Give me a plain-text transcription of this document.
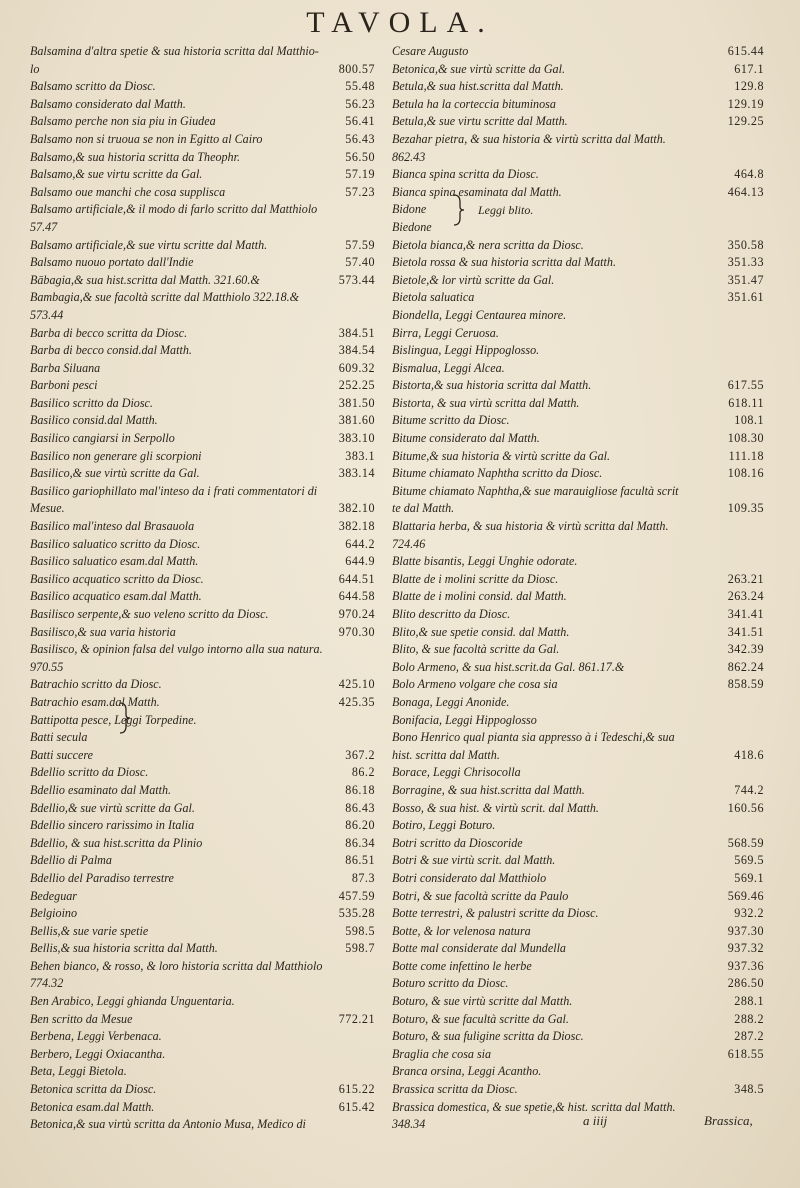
TAVOLA.
Balsamina d'altra spetie & sua historia scritta dal Matthio-
lo	800.57
Balsamo scritto da Diosc.	55.48
Balsamo considerato dal Matth.	56.23
Balsamo perche non sia piu in Giudea	56.41
Balsamo non si truoua se non in Egitto al Cairo	56.43
Balsamo,& sua historia scritta da Theophr.	56.50
Balsamo,& sue virtu scritte da Gal.	57.19
Balsamo oue manchi che cosa supplisca	57.23
Balsamo artificiale,& il modo di farlo scritto dal Matthiolo
57.47
Balsamo artificiale,& sue virtu scritte dal Matth.	57.59
Balsamo nuouo portato dall'Indie	57.40
Bābagia,& sua hist.scritta dal Matth. 321.60.&	573.44
Bambagia,& sue facoltà scritte dal Matthiolo 322.18.&
573.44
Barba di becco scritta da Diosc.	384.51
Barba di becco consid.dal Matth.	384.54
Barba Siluana	609.32
Barboni pesci	252.25
Basilico scritto da Diosc.	381.50
Basilico consid.dal Matth.	381.60
Basilico cangiarsi in Serpollo	383.10
Basilico non generare gli scorpioni	383.1
Basilico,& sue virtù scritte da Gal.	383.14
Basilico gariophillato mal'inteso da i frati commentatori di
Mesue.	382.10
Basilico mal'inteso dal Brasauola	382.18
Basilico saluatico scritto da Diosc.	644.2
Basilico saluatico esam.dal Matth.	644.9
Basilico acquatico scritto da Diosc.	644.51
Basilico acquatico esam.dal Matth.	644.58
Basilisco serpente,& suo veleno scritto da Diosc.	970.24
Basilisco,& sua varia historia	970.30
Basilisco, & opinion falsa del vulgo intorno alla sua natura.
970.55
Batrachio scritto da Diosc.	425.10
Batrachio esam.dal Matth.	425.35
Battipotta pesce, Leggi Torpedine.
Batti secula
Batti succere	367.2
Bdellio scritto da Diosc.	86.2
Bdellio esaminato dal Matth.	86.18
Bdellio,& sue virtù scritte da Gal.	86.43
Bdellio sincero rarissimo in Italia	86.20
Bdellio, & sua hist.scritta da Plinio	86.34
Bdellio di Palma	86.51
Bdellio del Paradiso terrestre	87.3
Bedeguar	457.59
Belgioino	535.28
Bellis,& sue varie spetie	598.5
Bellis,& sua historia scritta dal Matth.	598.7
Behen bianco, & rosso, & loro historia scritta dal Matthiolo
774.32
Ben Arabico, Leggi ghianda Unguentaria.
Ben scritto da Mesue	772.21
Berbena, Leggi Verbenaca.
Berbero, Leggi Oxiacantha.
Beta, Leggi Bietola.
Betonica scritta da Diosc.	615.22
Betonica esam.dal Matth.	615.42
Betonica,& sua virtù scritta da Antonio Musa, Medico di
Cesare Augusto	615.44
Betonica,& sue virtù scritte da Gal.	617.1
Betula,& sua hist.scritta dal Matth.	129.8
Betula ha la corteccia bituminosa	129.19
Betula,& sue virtu scritte dal Matth.	129.25
Bezahar pietra, & sua historia & virtù scritta dal Matth.
862.43
Bianca spina scritta da Diosc.	464.8
Bianca spina esaminata dal Matth.	464.13
Bidone
Biedone
Bietola bianca,& nera scritta da Diosc.	350.58
Bietola rossa & sua historia scritta dal Matth.	351.33
Bietole,& lor virtù scritte da Gal.	351.47
Bietola saluatica	351.61
Biondella, Leggi Centaurea minore.
Birra, Leggi Ceruosa.
Bislingua, Leggi Hippoglosso.
Bismalua, Leggi Alcea.
Bistorta,& sua historia scritta dal Matth.	617.55
Bistorta, & sua virtù scritta dal Matth.	618.11
Bitume scritto da Diosc.	108.1
Bitume considerato dal Matth.	108.30
Bitume,& sua historia & virtù scritte da Gal.	111.18
Bitume chiamato Naphtha scritto da Diosc.	108.16
Bitume chiamato Naphtha,& sue marauigliose facultà scrit
te dal Matth.	109.35
Blattaria herba, & sua historia & virtù scritta dal Matth.
724.46
Blatte bisantis, Leggi Unghie odorate.
Blatte de i molini scritte da Diosc.	263.21
Blatte de i molini consid. dal Matth.	263.24
Blito descritto da Diosc.	341.41
Blito,& sue spetie consid. dal Matth.	341.51
Blito, & sue facoltà scritte da Gal.	342.39
Bolo Armeno, & sua hist.scrit.da Gal. 861.17.&	862.24
Bolo Armeno volgare che cosa sia	858.59
Bonaga, Leggi Anonide.
Bonifacia, Leggi Hippoglosso
Bono Henrico qual pianta sia appresso à i Tedeschi,& sua
hist. scritta dal Matth.	418.6
Borace, Leggi Chrisocolla
Borragine, & sua hist.scritta dal Matth.	744.2
Bosso, & sua hist. & virtù scrit. dal Matth.	160.56
Botiro, Leggi Boturo.
Botri scritto da Dioscoride	568.59
Botri & sue virtù scrit. dal Matth.	569.5
Botri considerato dal Matthiolo	569.1
Botri, & sue facoltà scritte da Paulo	569.46
Botte terrestri, & palustri scritte da Diosc.	932.2
Botte, & lor velenosa natura	937.30
Botte mal considerate dal Mundella	937.32
Botte come infettino le herbe	937.36
Boturo scritto da Diosc.	286.50
Boturo, & sue virtù scritte dal Matth.	288.1
Boturo, & sue facultà scritte da Gal.	288.2
Boturo, & sua fuligine scritta da Diosc.	287.2
Braglia che cosa sia	618.55
Branca orsina, Leggi Acantho.
Brassica scritta da Diosc.	348.5
Brassica domestica, & sue spetie,& hist. scritta dal Matth.
348.34
Leggi blito.
a iiij	Brassica,
